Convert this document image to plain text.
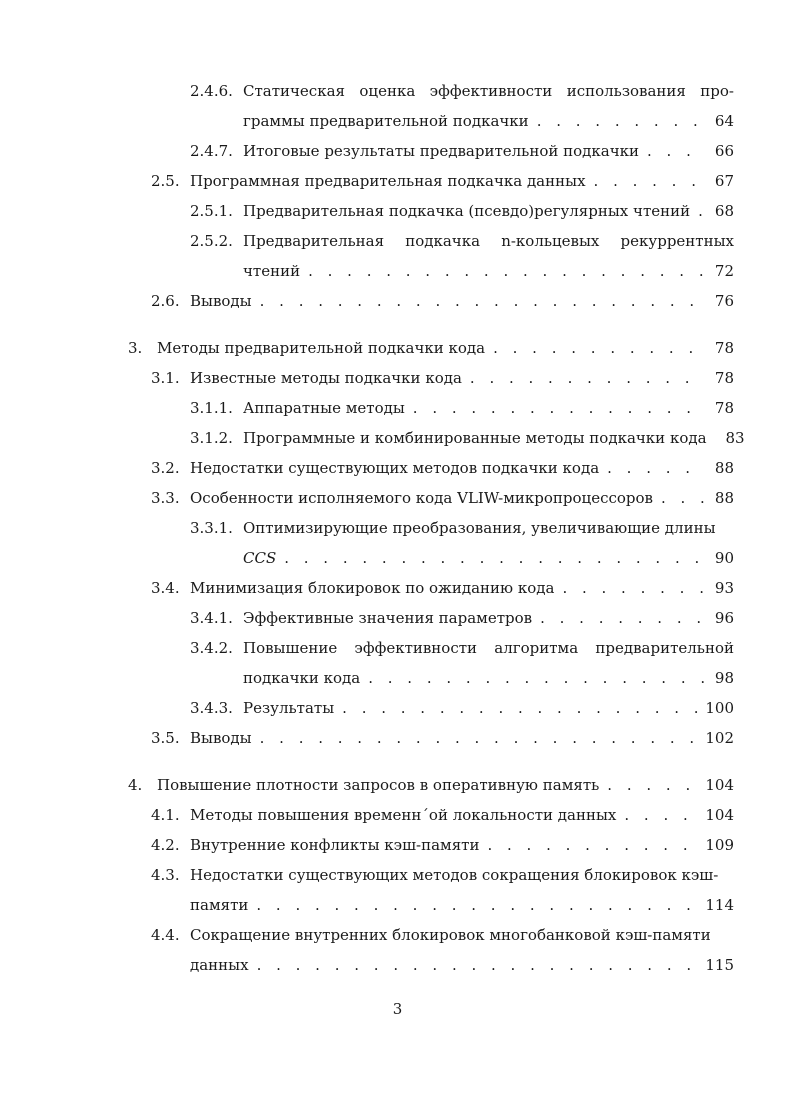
2.4.6. Статическая оценка эффективности использования про-
граммы предварительной подкачки . . .	64
2.4.7. Итоговые результаты предварительной подкачки . . .	66
2.5. Программная предварительная подкачка данных . . .	67
2.5.1. Предварительная подкачка (псевдо)регулярных чтений . . .	68
2.5.2. Предварительная подкачка n-кольцевых рекуррентных
чтений . . .	72
2.6. Выводы . . .	76
3. Методы предварительной подкачки кода . . .	78
3.1. Известные методы подкачки кода . . .	78
3.1.1. Аппаратные методы . . .	78
3.1.2. Программные и комбинированные методы подкачки кода	83
3.2. Недостатки существующих методов подкачки кода . . .	88
3.3. Особенности исполняемого кода VLIW-микропроцессоров . . .	88
3.3.1. Оптимизирующие преобразования, увеличивающие длины
CCS . . .	90
3.4. Минимизация блокировок по ожиданию кода . . .	93
3.4.1. Эффективные значения параметров . . .	96
3.4.2. Повышение эффективности алгоритма предварительной
подкачки кода . . .	98
3.4.3. Результаты . . .	100
3.5. Выводы . . .	102
4. Повышение плотности запросов в оперативную память . . .	104
4.1. Методы повышения временн´ой локальности данных . . .	104
4.2. Внутренние конфликты кэш-памяти . . .	109
4.3. Недостатки существующих методов сокращения блокировок кэш-
памяти . . .	114
4.4. Сокращение внутренних блокировок многобанковой кэш-памяти
данных . . .	115
3
